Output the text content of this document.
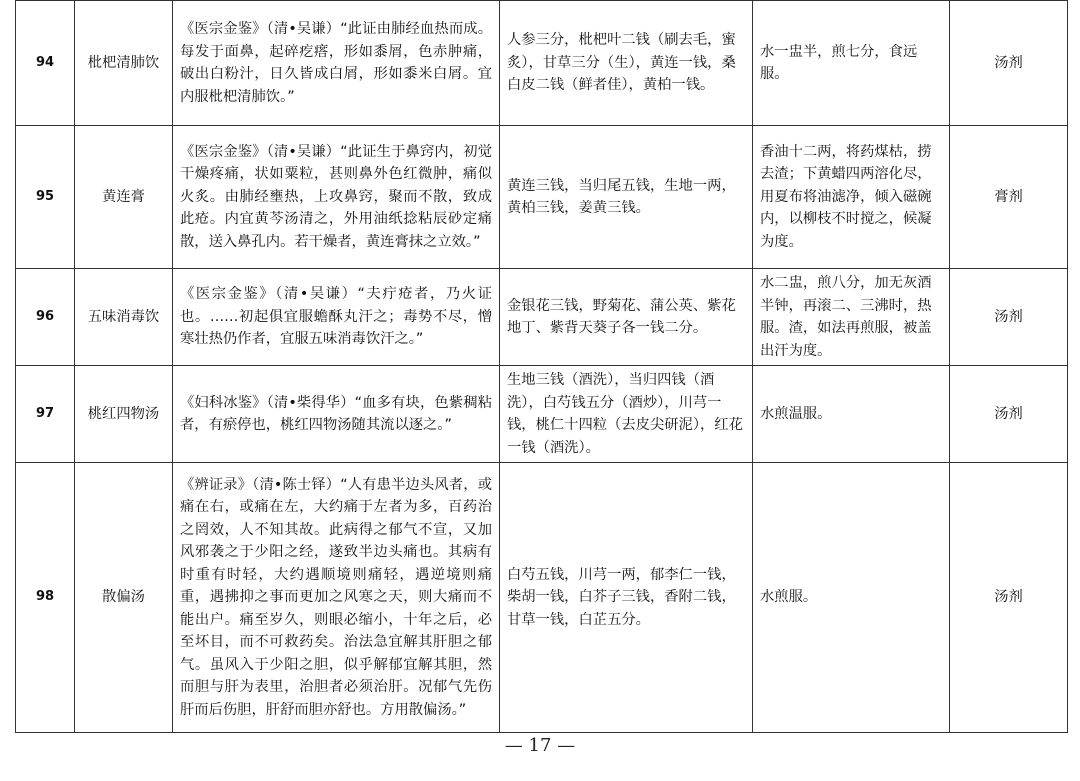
94	枇杷清肺饮	《医宗金鉴》（清•吴谦）“此证由肺经血热而成。每发于面鼻，起碎疙瘩，形如黍屑，色赤肿痛，破出白粉汁，日久皆成白屑，形如黍米白屑。宜内服枇杷清肺饮。”	人参三分，枇杷叶二钱（刷去毛，蜜炙），甘草三分（生），黄连一钱，桑白皮二钱（鲜者佳），黄柏一钱。	水一盅半，煎七分，食远服。	汤剂
95	黄连膏	《医宗金鉴》（清•吴谦）“此证生于鼻窍内，初觉干燥疼痛，状如粟粒，甚则鼻外色红微肿，痛似火炙。由肺经壅热，上攻鼻窍，聚而不散，致成此疮。内宜黄芩汤清之，外用油纸捻粘辰砂定痛散，送入鼻孔内。若干燥者，黄连膏抹之立效。”	黄连三钱，当归尾五钱，生地一两，黄柏三钱，姜黄三钱。	香油十二两，将药煤枯，捞去渣；下黄蜡四两溶化尽，用夏布将油滤净，倾入磁碗内，以柳枝不时搅之，候凝为度。	膏剂
96	五味消毒饮	《医宗金鉴》（清•吴谦）“夫疔疮者，乃火证也。……初起俱宜服蟾酥丸汗之；毒势不尽，憎寒壮热仍作者，宜服五味消毒饮汗之。”	金银花三钱，野菊花、蒲公英、紫花地丁、紫背天葵子各一钱二分。	水二盅，煎八分，加无灰酒半钟，再滚二、三沸时，热服。渣，如法再煎服，被盖出汗为度。	汤剂
97	桃红四物汤	《妇科冰鉴》（清•柴得华）“血多有块，色紫稠粘者，有瘀停也，桃红四物汤随其流以逐之。”	生地三钱（酒洗），当归四钱（酒洗），白芍钱五分（酒炒），川芎一钱，桃仁十四粒（去皮尖研泥），红花一钱（酒洗）。	水煎温服。	汤剂
98	散偏汤	《辨证录》（清•陈士铎）“人有患半边头风者，或痛在右，或痛在左，大约痛于左者为多，百药治之罔效，人不知其故。此病得之郁气不宣，又加风邪袭之于少阳之经，遂致半边头痛也。其病有时重有时轻，大约遇顺境则痛轻，遇逆境则痛重，遇拂抑之事而更加之风寒之天，则大痛而不能出户。痛至岁久，则眼必缩小，十年之后，必至坏目，而不可救药矣。治法急宜解其肝胆之郁气。虽风入于少阳之胆，似乎解郁宜解其胆，然而胆与肝为表里，治胆者必须治肝。况郁气先伤肝而后伤胆，肝舒而胆亦舒也。方用散偏汤。”	白芍五钱，川芎一两，郁李仁一钱，柴胡一钱，白芥子三钱，香附二钱，甘草一钱，白芷五分。	水煎服。	汤剂
— 17 —
